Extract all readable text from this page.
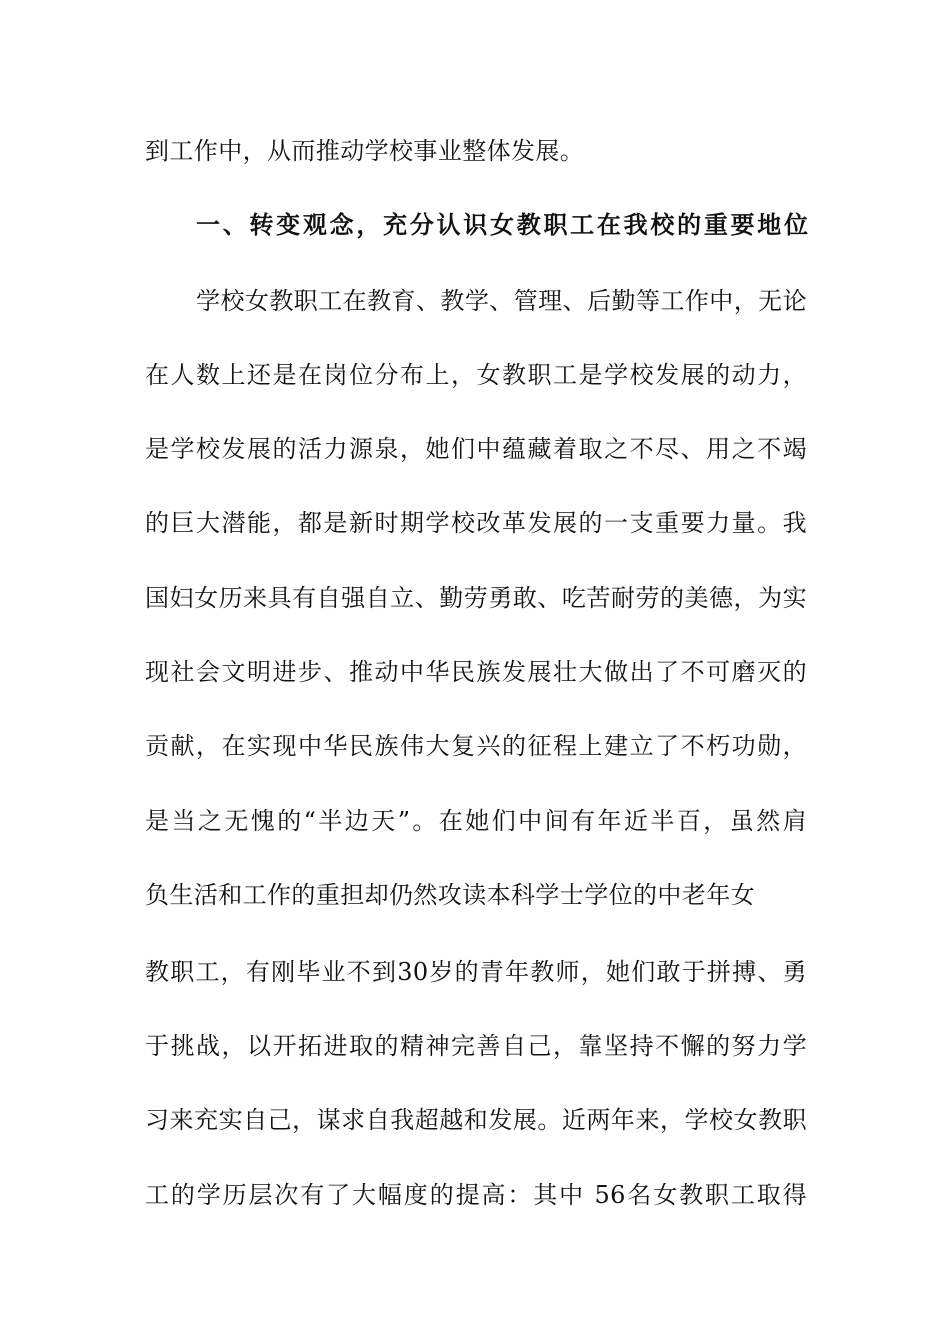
到工作中，从而推动学校事业整体发展。
一、转变观念，充分认识女教职工在我校的重要地位
学校女教职工在教育、教学、管理、后勤等工作中，无论
在人数上还是在岗位分布上，女教职工是学校发展的动力，
是学校发展的活力源泉，她们中蕴藏着取之不尽、用之不竭
的巨大潜能，都是新时期学校改革发展的一支重要力量。我
国妇女历来具有自强自立、勤劳勇敢、吃苦耐劳的美德，为实
现社会文明进步、推动中华民族发展壮大做出了不可磨灭的
贡献，在实现中华民族伟大复兴的征程上建立了不朽功勋，
是当之无愧的“半边天”。在她们中间有年近半百，虽然肩
负生活和工作的重担却仍然攻读本科学士学位的中老年女
教职工，有刚毕业不到30岁的青年教师，她们敢于拼搏、勇
于挑战，以开拓进取的精神完善自己，靠坚持不懈的努力学
习来充实自己，谋求自我超越和发展。近两年来，学校女教职
工的学历层次有了大幅度的提高：其中 56名女教职工取得
